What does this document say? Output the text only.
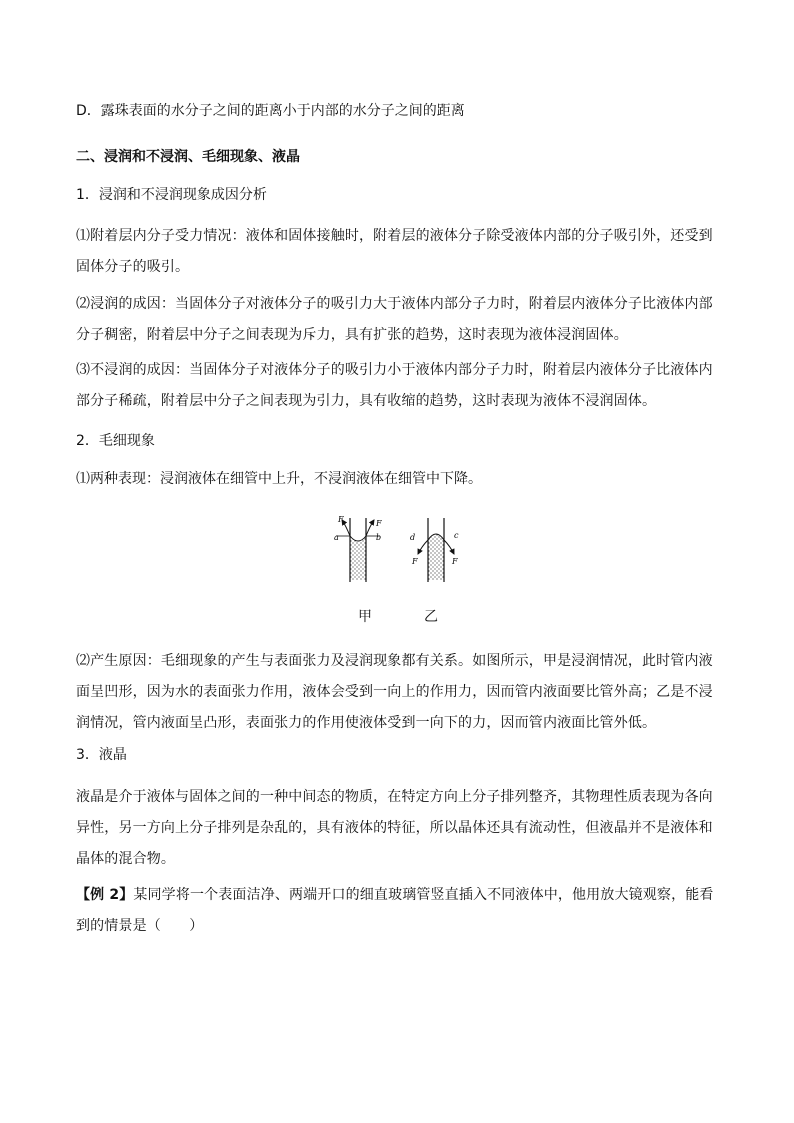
D．露珠表面的水分子之间的距离小于内部的水分子之间的距离
二、浸润和不浸润、毛细现象、液晶
1．浸润和不浸润现象成因分析
⑴附着层内分子受力情况：液体和固体接触时，附着层的液体分子除受液体内部的分子吸引外，还受到固体分子的吸引。
⑵浸润的成因：当固体分子对液体分子的吸引力大于液体内部分子力时，附着层内液体分子比液体内部分子稠密，附着层中分子之间表现为斥力，具有扩张的趋势，这时表现为液体浸润固体。
⑶不浸润的成因：当固体分子对液体分子的吸引力小于液体内部分子力时，附着层内液体分子比液体内部分子稀疏，附着层中分子之间表现为引力，具有收缩的趋势，这时表现为液体不浸润固体。
2．毛细现象
⑴两种表现：浸润液体在细管中上升，不浸润液体在细管中下降。
F	F
a	b	d	c
F	F
甲	乙
⑵产生原因：毛细现象的产生与表面张力及浸润现象都有关系。如图所示，甲是浸润情况，此时管内液面呈凹形，因为水的表面张力作用，液体会受到一向上的作用力，因而管内液面要比管外高；乙是不浸润情况，管内液面呈凸形，表面张力的作用使液体受到一向下的力，因而管内液面比管外低。
3．液晶
液晶是介于液体与固体之间的一种中间态的物质，在特定方向上分子排列整齐，其物理性质表现为各向异性，另一方向上分子排列是杂乱的，具有液体的特征，所以晶体还具有流动性，但液晶并不是液体和晶体的混合物。
【例 2】某同学将一个表面洁净、两端开口的细直玻璃管竖直插入不同液体中，他用放大镜观察，能看到的情景是（　　）
